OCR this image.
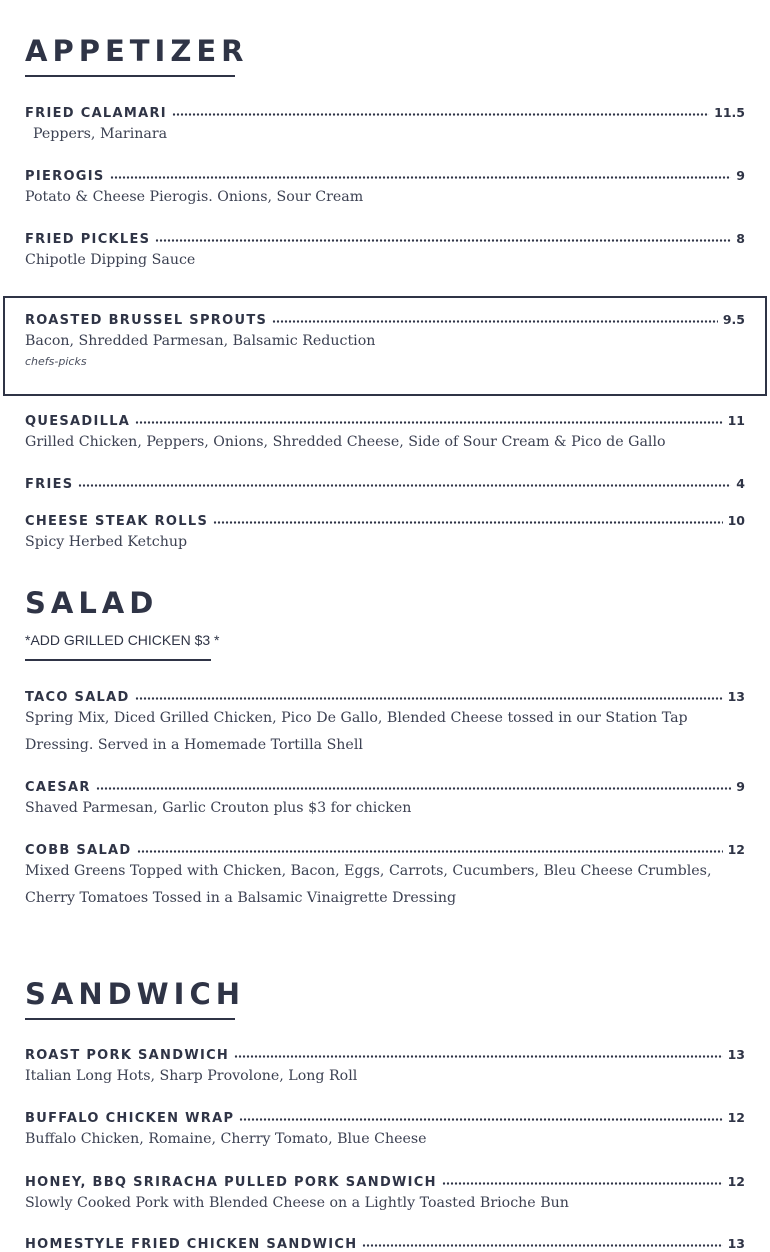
APPETIZER
FRIED CALAMARI	11.5
Peppers, Marinara
PIEROGIS	9
Potato & Cheese Pierogis. Onions, Sour Cream
FRIED PICKLES	8
Chipotle Dipping Sauce
ROASTED BRUSSEL SPROUTS	9.5
Bacon, Shredded Parmesan, Balsamic Reduction
chefs-picks
QUESADILLA	11
Grilled Chicken, Peppers, Onions, Shredded Cheese, Side of Sour Cream & Pico de Gallo
FRIES	4
CHEESE STEAK ROLLS	10
Spicy Herbed Ketchup
SALAD
*ADD GRILLED CHICKEN $3 *
TACO SALAD	13
Spring Mix, Diced Grilled Chicken, Pico De Gallo, Blended Cheese tossed in our Station Tap Dressing. Served in a Homemade Tortilla Shell
CAESAR	9
Shaved Parmesan, Garlic Crouton plus $3 for chicken
COBB SALAD	12
Mixed Greens Topped with Chicken, Bacon, Eggs, Carrots, Cucumbers, Bleu Cheese Crumbles, Cherry Tomatoes Tossed in a Balsamic Vinaigrette Dressing
SANDWICH
ROAST PORK SANDWICH	13
Italian Long Hots, Sharp Provolone, Long Roll
BUFFALO CHICKEN WRAP	12
Buffalo Chicken, Romaine, Cherry Tomato, Blue Cheese
HONEY, BBQ SRIRACHA PULLED PORK SANDWICH	12
Slowly Cooked Pork with Blended Cheese on a Lightly Toasted Brioche Bun
HOMESTYLE FRIED CHICKEN SANDWICH	13
